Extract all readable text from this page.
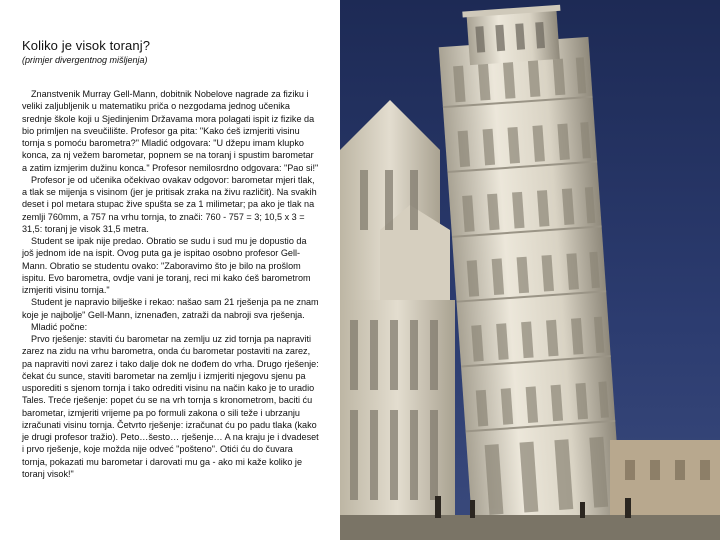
Koliko je visok toranj?
(primjer divergentnog mišljenja)

Znanstvenik Murray Gell-Mann, dobitnik Nobelove nagrade za fiziku i veliki zaljubljenik u matematiku priča o nezgodama jednog učenika srednje škole koji u Sjedinjenim Državama mora polagati ispit iz fizike da bio primljen na sveučilište. Profesor ga pita: "Kako ćeš izmjeriti visinu tornja s pomoću barometra?" Mladić odgovara: "U džepu imam klupko konca, za nj vežem barometar, popnem se na toranj i spustim barometar a zatim izmjerim dužinu konca." Profesor nemilosrdno odgovara: "Pao si!"

Profesor je od učenika očekivao ovakav odgovor: barometar mjeri tlak, a tlak se mijenja s visinom (jer je pritisak zraka na živu različit). Na svakih deset i pol metara stupac žive spušta se za 1 milimetar; pa ako je tlak na zemlji 760mm, a 757 na vrhu tornja, to znači: 760 - 757 = 3; 10,5 x 3 = 31,5: toranj je visok 31,5 metra.

Student se ipak nije predao. Obratio se sudu i sud mu je dopustio da još jednom ide na ispit. Ovog puta ga je ispitao osobno profesor Gell-Mann. Obratio se studentu ovako: "Zaboravimo što je bilo na prošlom ispitu. Evo barometra, ovdje vani je toranj, reci mi kako ćeš barometrom izmjeriti visinu tornja."

Student je napravio bilješke i rekao: našao sam 21 rješenja pa ne znam koje je najbolje" Gell-Mann, iznenađen, zatraži da nabroji sva rješenja.

Mladić počne:

Prvo rješenje: staviti ću barometar na zemlju uz zid tornja pa napraviti zarez na zidu na vrhu barometra, onda ću barometar postaviti na zarez, pa napraviti novi zarez i tako dalje dok ne dođem do vrha. Drugo rješenje: čekat ću sunce, staviti barometar na zemlju i izmjeriti njegovu sjenu pa usporediti s sjenom tornja i tako odrediti visinu na način kako je to uradio Tales. Treće rješenje: popet ću se na vrh tornja s kronometrom, baciti ću barometar, izmjeriti vrijeme pa po formuli zakona o sili teže i ubrzanju izračunati visinu tornja. Četvrto rješenje: izračunat ću po padu tlaka (kako je drugi profesor tražio). Peto…šesto… rješenje… A na kraju je i dvadeset i prvo rješenje, koje možda nije odveć "pošteno". Otići ću do čuvara tornja, pokazati mu barometar i darovati mu ga - ako mi kaže koliko je toranj visok!"
